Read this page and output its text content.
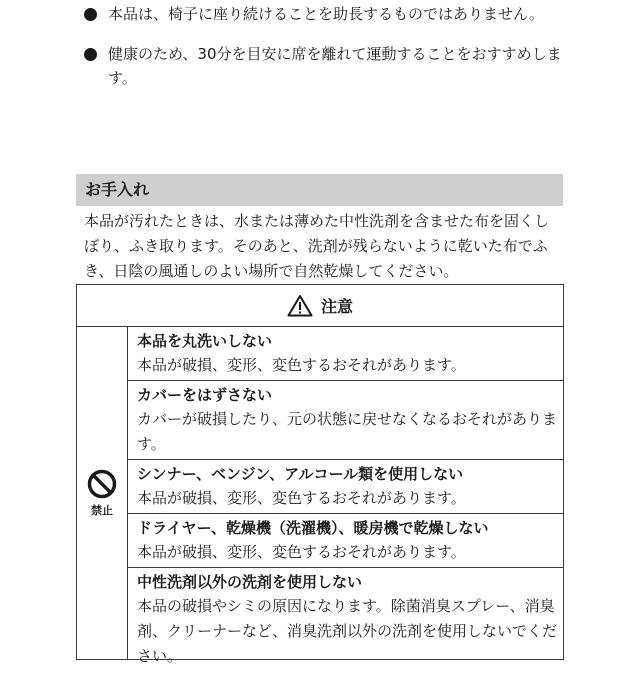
本品は、椅子に座り続けることを助長するものではありません。
健康のため、30分を目安に席を離れて運動することをおすすめします。
お手入れ
本品が汚れたときは、水または薄めた中性洗剤を含ませた布を固くしぼり、ふき取ります。そのあと、洗剤が残らないように乾いた布でふき、日陰の風通しのよい場所で自然乾燥してください。
注意
禁止
本品を丸洗いしない
本品が破損、変形、変色するおそれがあります。
カバーをはずさない
カバーが破損したり、元の状態に戻せなくなるおそれがあります。
シンナー、ベンジン、アルコール類を使用しない
本品が破損、変形、変色するおそれがあります。
ドライヤー、乾燥機（洗濯機）、暖房機で乾燥しない
本品が破損、変形、変色するおそれがあります。
中性洗剤以外の洗剤を使用しない
本品の破損やシミの原因になります。除菌消臭スプレー、消臭剤、クリーナーなど、消臭洗剤以外の洗剤を使用しないでください。
